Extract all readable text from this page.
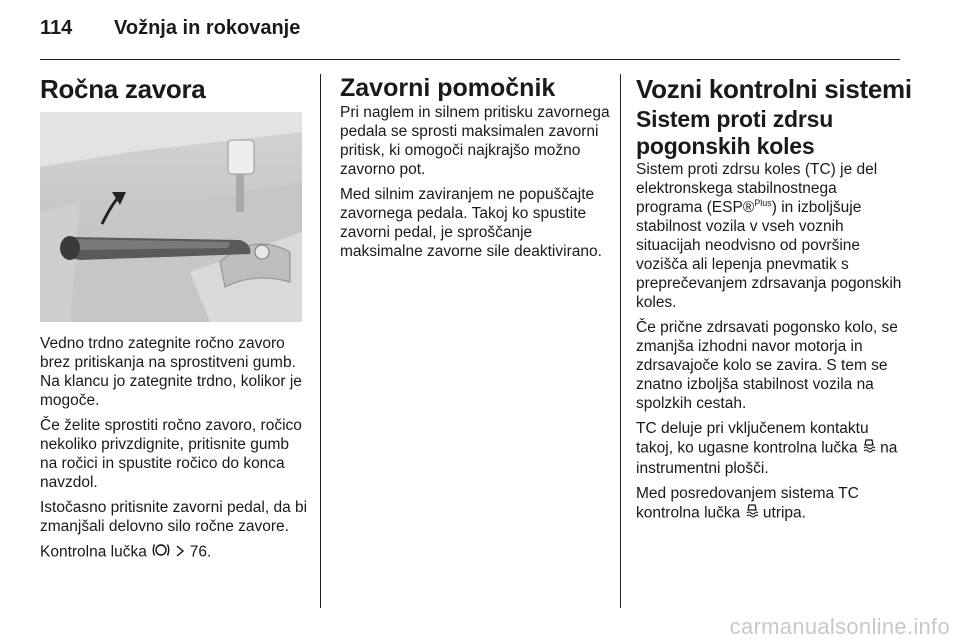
114 Vožnja in rokovanje
Ročna zavora

Vedno trdno zategnite ročno zavoro brez pritiskanja na sprostitveni gumb. Na klancu jo zategnite trdno, kolikor je mogoče.

Če želite sprostiti ročno zavoro, ročico nekoliko privzdignite, pritisnite gumb na ročici in spustite ročico do konca navzdol.

Istočasno pritisnite zavorni pedal, da bi zmanjšali delovno silo ročne zavore.

Kontrolna lučka	76.

Zavorni pomočnik

Pri naglem in silnem pritisku zavornega pedala se sprosti maksimalen zavorni pritisk, ki omogoči najkrajšo možno zavorno pot.

Med silnim zaviranjem ne popuščajte zavornega pedala. Takoj ko spustite zavorni pedal, je sproščanje maksimalne zavorne sile deaktivirano.

Vozni kontrolni sistemi
Sistem proti zdrsu pogonskih koles

Sistem proti zdrsu koles (TC) je del elektronskega stabilnostnega programa (ESP®$^{Plus}$) in izboljšuje stabilnost vozila v vseh voznih situacijah neodvisno od površine vozišča ali lepenja pnevmatik s preprečevanjem zdrsavanja pogonskih koles.

Če prične zdrsavati pogonsko kolo, se zmanjša izhodni navor motorja in zdrsavajoče kolo se zavira. S tem se znatno izboljša stabilnost vozila na spolzkih cestah.

TC deluje pri vključenem kontaktu takoj, ko ugasne kontrolna lučka na instrumentni plošči.

Med posredovanjem sistema TC kontrolna lučka utripa.

carmanualsonline.info
